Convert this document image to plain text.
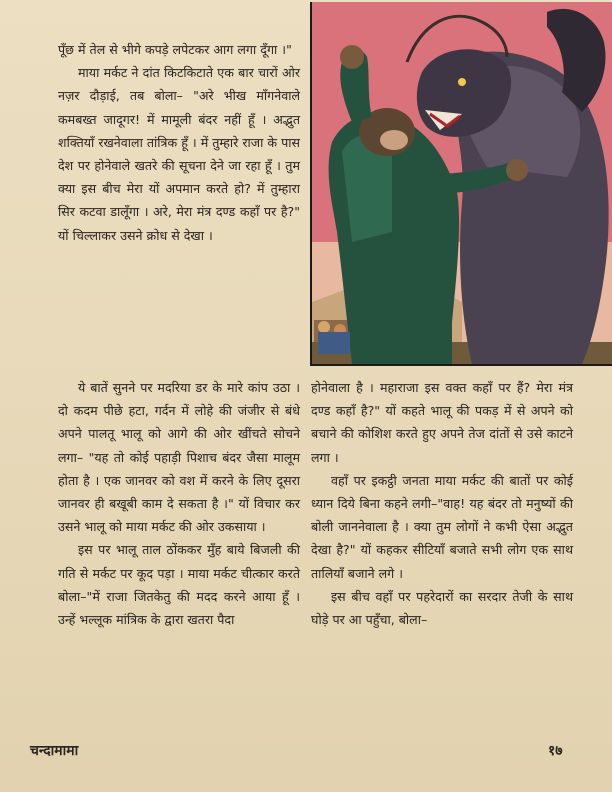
पूँछ में तेल से भीगे कपड़े लपेटकर आग लगा दूँगा ।"

माया मर्कट ने दांत किटकिटाते एक बार चारों ओर नज़र दौड़ाई, तब बोला– "अरे भीख माँगनेवाले कमबख्त जादूगर! में मामूली बंदर नहीं हूँ । अद्भुत शक्तियाँ रखनेवाला तांत्रिक हूँ । में तुम्हारे राजा के पास देश पर होनेवाले खतरे की सूचना देने जा रहा हूँ । तुम क्या इस बीच मेरा यों अपमान करते हो? में तुम्हारा सिर कटवा डालूँगा । अरे, मेरा मंत्र दण्ड कहाँ पर है?" यों चिल्लाकर उसने क्रोध से देखा ।

ये बातें सुनने पर मदरिया डर के मारे कांप उठा । दो कदम पीछे हटा, गर्दन में लोहे की जंजीर से बंधे अपने पालतू भालू को आगे की ओर खींचते सोचने लगा– "यह तो कोई पहाड़ी पिशाच बंदर जैसा मालूम होता है । एक जानवर को वश में करने के लिए दूसरा जानवर ही बखूबी काम दे सकता है ।" यों विचार कर उसने भालू को माया मर्कट की ओर उकसाया ।

इस पर भालू ताल ठोंककर मुँह बाये बिजली की गति से मर्कट पर कूद पड़ा । माया मर्कट चीत्कार करते बोला–"में राजा जितकेतु की मदद करने आया हूँ । उन्हें भल्लूक मांत्रिक के द्वारा खतरा पैदा

होनेवाला है । महाराजा इस वक्त कहाँ पर हैं? मेरा मंत्र दण्ड कहाँ है?" यों कहते भालू की पकड़ में से अपने को बचाने की कोशिश करते हुए अपने तेज दांतों से उसे काटने लगा ।

वहाँ पर इकट्ठी जनता माया मर्कट की बातों पर कोई ध्यान दिये बिना कहने लगी–"वाह! यह बंदर तो मनुष्यों की बोली जाननेवाला है । क्या तुम लोगों ने कभी ऐसा अद्भुत देखा है?" यों कहकर सीटियाँ बजाते सभी लोग एक साथ तालियाँ बजाने लगे ।

इस बीच वहाँ पर पहरेदारों का सरदार तेजी के साथ घोड़े पर आ पहुँचा, बोला–

चन्दामामा	१७
